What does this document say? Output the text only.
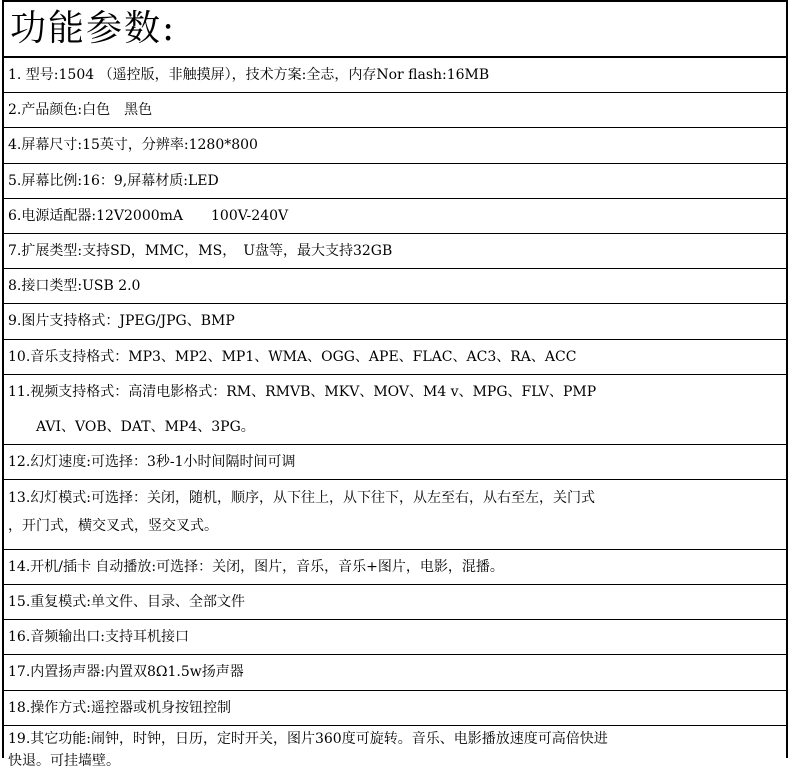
功能参数:
1. 型号:1504 （遥控版，非触摸屏），技术方案:全志，内存Nor flash:16MB
2.产品颜色:白色　黑色
4.屏幕尺寸:15英寸，分辨率:1280*800
5.屏幕比例:16：9,屏幕材质:LED
6.电源适配器:12V2000mA　　100V-240V
7.扩展类型:支持SD，MMC，MS，　U盘等，最大支持32GB
8.接口类型:USB 2.0
9.图片支持格式：JPEG/JPG、BMP
10.音乐支持格式：MP3、MP2、MP1、WMA、OGG、APE、FLAC、AC3、RA、ACC
11.视频支持格式：高清电影格式：RM、RMVB、MKV、MOV、M4 v、MPG、FLV、PMP
AVI、VOB、DAT、MP4、3PG。
12.幻灯速度:可选择：3秒-1小时间隔时间可调
13.幻灯模式:可选择：关闭，随机，顺序，从下往上，从下往下，从左至右，从右至左，关门式
，开门式，横交叉式，竖交叉式。
14.开机/插卡 自动播放:可选择：关闭，图片，音乐，音乐+图片，电影，混播。
15.重复模式:单文件、目录、全部文件
16.音频输出口:支持耳机接口
17.内置扬声器:内置双8Ω1.5w扬声器
18.操作方式:遥控器或机身按钮控制
19.其它功能:闹钟，时钟，日历，定时开关，图片360度可旋转。音乐、电影播放速度可高倍快进
快退。可挂墙壁。
